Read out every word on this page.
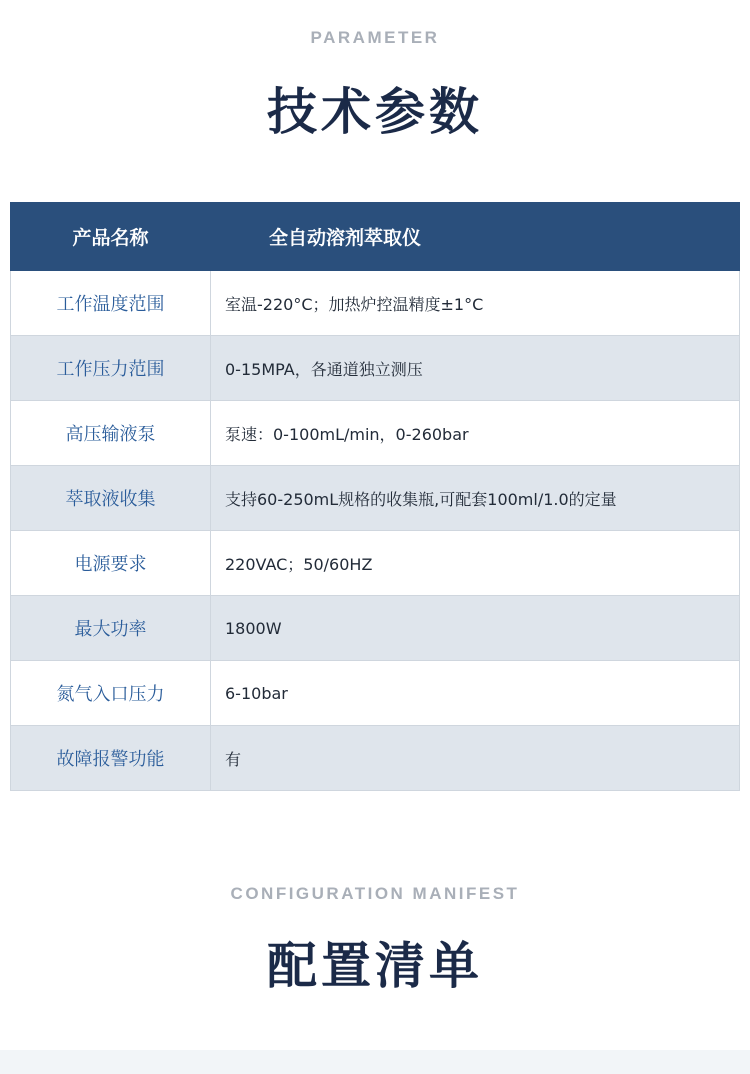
PARAMETER
技术参数
产品名称	全自动溶剂萃取仪
工作温度范围	室温-220°C；加热炉控温精度±1°C
工作压力范围	0-15MPA，各通道独立测压
高压输液泵	泵速：0-100mL/min，0-260bar
萃取液收集	支持60-250mL规格的收集瓶,可配套100ml/1.0的定量
电源要求	220VAC；50/60HZ
最大功率	1800W
氮气入口压力	6-10bar
故障报警功能	有
CONFIGURATION MANIFEST
配置清单
